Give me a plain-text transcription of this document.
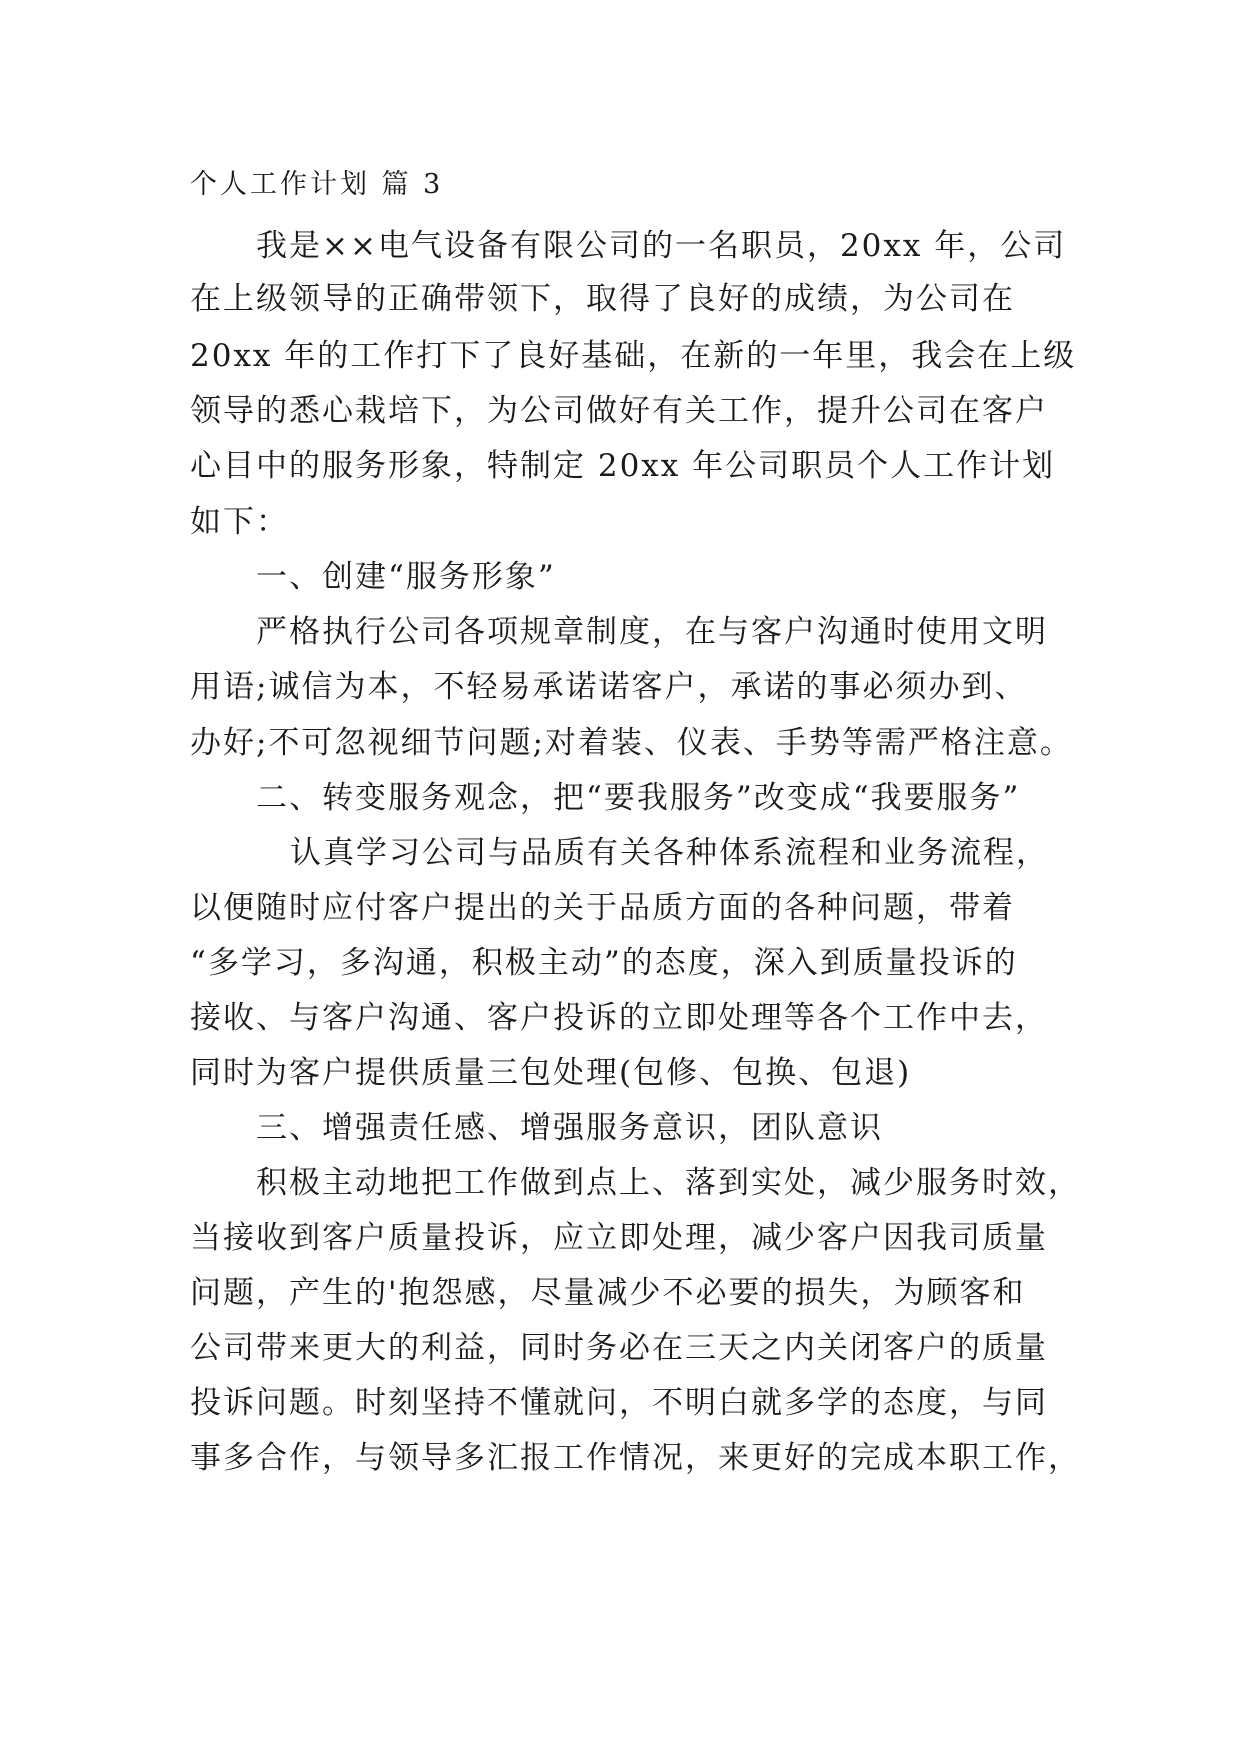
个人工作计划 篇 3
我是××电气设备有限公司的一名职员，20xx 年，公司
在上级领导的正确带领下，取得了良好的成绩，为公司在
20xx 年的工作打下了良好基础，在新的一年里，我会在上级
领导的悉心栽培下，为公司做好有关工作，提升公司在客户
心目中的服务形象，特制定 20xx 年公司职员个人工作计划
如下：
一、创建“服务形象”
严格执行公司各项规章制度，在与客户沟通时使用文明
用语;诚信为本，不轻易承诺诺客户，承诺的事必须办到、
办好;不可忽视细节问题;对着装、仪表、手势等需严格注意。
二、转变服务观念，把“要我服务”改变成“我要服务”
认真学习公司与品质有关各种体系流程和业务流程，
以便随时应付客户提出的关于品质方面的各种问题，带着
“多学习，多沟通，积极主动”的态度，深入到质量投诉的
接收、与客户沟通、客户投诉的立即处理等各个工作中去，
同时为客户提供质量三包处理(包修、包换、包退)
三、增强责任感、增强服务意识，团队意识
积极主动地把工作做到点上、落到实处，减少服务时效，
当接收到客户质量投诉，应立即处理，减少客户因我司质量
问题，产生的'抱怨感，尽量减少不必要的损失，为顾客和
公司带来更大的利益，同时务必在三天之内关闭客户的质量
投诉问题。时刻坚持不懂就问，不明白就多学的态度，与同
事多合作，与领导多汇报工作情况，来更好的完成本职工作，
